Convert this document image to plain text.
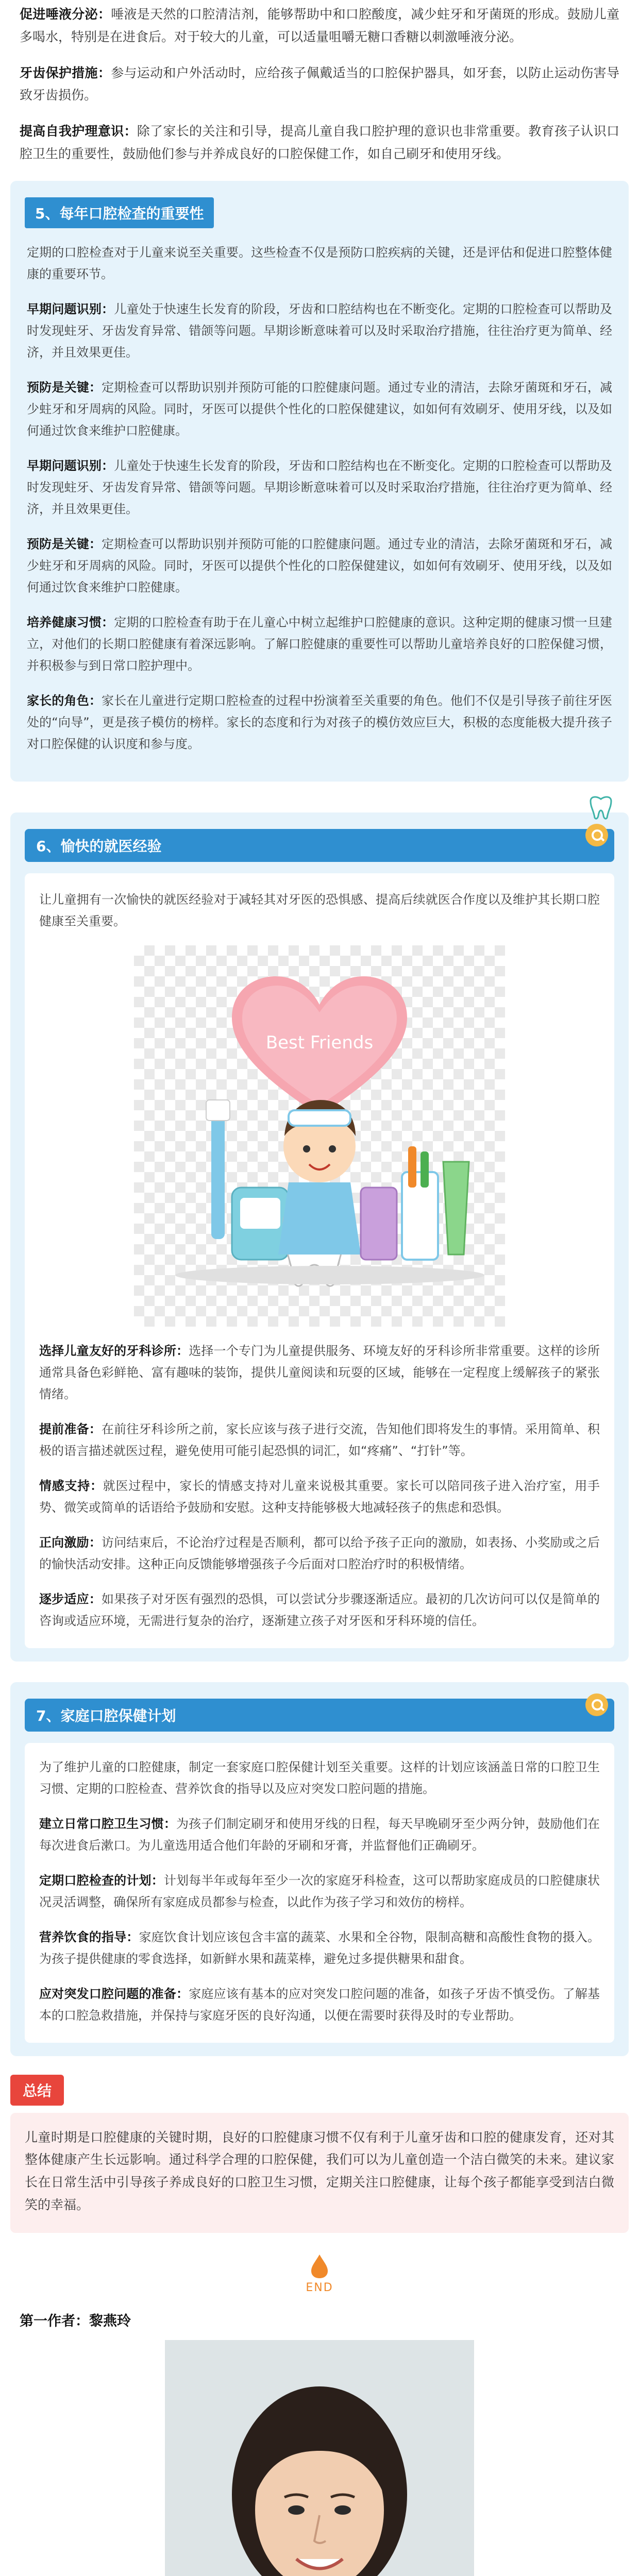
促进唾液分泌：唾液是天然的口腔清洁剂，能够帮助中和口腔酸度，减少蛀牙和牙菌斑的形成。鼓励儿童多喝水，特别是在进食后。对于较大的儿童，可以适量咀嚼无糖口香糖以刺激唾液分泌。

牙齿保护措施：参与运动和户外活动时，应给孩子佩戴适当的口腔保护器具，如牙套，以防止运动伤害导致牙齿损伤。

提高自我护理意识：除了家长的关注和引导，提高儿童自我口腔护理的意识也非常重要。教育孩子认识口腔卫生的重要性，鼓励他们参与并养成良好的口腔保健工作，如自己刷牙和使用牙线。

5、每年口腔检查的重要性

定期的口腔检查对于儿童来说至关重要。这些检查不仅是预防口腔疾病的关键，还是评估和促进口腔整体健康的重要环节。

早期问题识别：儿童处于快速生长发育的阶段，牙齿和口腔结构也在不断变化。定期的口腔检查可以帮助及时发现蛀牙、牙齿发育异常、错颌等问题。早期诊断意味着可以及时采取治疗措施，往往治疗更为简单、经济，并且效果更佳。

预防是关键：定期检查可以帮助识别并预防可能的口腔健康问题。通过专业的清洁，去除牙菌斑和牙石，减少蛀牙和牙周病的风险。同时，牙医可以提供个性化的口腔保健建议，如如何有效刷牙、使用牙线，以及如何通过饮食来维护口腔健康。

早期问题识别：儿童处于快速生长发育的阶段，牙齿和口腔结构也在不断变化。定期的口腔检查可以帮助及时发现蛀牙、牙齿发育异常、错颌等问题。早期诊断意味着可以及时采取治疗措施，往往治疗更为简单、经济，并且效果更佳。

预防是关键：定期检查可以帮助识别并预防可能的口腔健康问题。通过专业的清洁，去除牙菌斑和牙石，减少蛀牙和牙周病的风险。同时，牙医可以提供个性化的口腔保健建议，如如何有效刷牙、使用牙线，以及如何通过饮食来维护口腔健康。

培养健康习惯：定期的口腔检查有助于在儿童心中树立起维护口腔健康的意识。这种定期的健康习惯一旦建立，对他们的长期口腔健康有着深远影响。了解口腔健康的重要性可以帮助儿童培养良好的口腔保健习惯，并积极参与到日常口腔护理中。

家长的角色：家长在儿童进行定期口腔检查的过程中扮演着至关重要的角色。他们不仅是引导孩子前往牙医处的“向导”，更是孩子模仿的榜样。家长的态度和行为对孩子的模仿效应巨大，积极的态度能极大提升孩子对口腔保健的认识度和参与度。

6、愉快的就医经验

让儿童拥有一次愉快的就医经验对于减轻其对牙医的恐惧感、提高后续就医合作度以及维护其长期口腔健康至关重要。

Best Friends

选择儿童友好的牙科诊所：选择一个专门为儿童提供服务、环境友好的牙科诊所非常重要。这样的诊所通常具备色彩鲜艳、富有趣味的装饰，提供儿童阅读和玩耍的区域，能够在一定程度上缓解孩子的紧张情绪。

提前准备：在前往牙科诊所之前，家长应该与孩子进行交流，告知他们即将发生的事情。采用简单、积极的语言描述就医过程，避免使用可能引起恐惧的词汇，如“疼痛”、“打针”等。

情感支持：就医过程中，家长的情感支持对儿童来说极其重要。家长可以陪同孩子进入治疗室，用手势、微笑或简单的话语给予鼓励和安慰。这种支持能够极大地减轻孩子的焦虑和恐惧。

正向激励：访问结束后，不论治疗过程是否顺利，都可以给予孩子正向的激励，如表扬、小奖励或之后的愉快活动安排。这种正向反馈能够增强孩子今后面对口腔治疗时的积极情绪。

逐步适应：如果孩子对牙医有强烈的恐惧，可以尝试分步骤逐渐适应。最初的几次访问可以仅是简单的咨询或适应环境，无需进行复杂的治疗，逐渐建立孩子对牙医和牙科环境的信任。

7、家庭口腔保健计划

为了维护儿童的口腔健康，制定一套家庭口腔保健计划至关重要。这样的计划应该涵盖日常的口腔卫生习惯、定期的口腔检查、营养饮食的指导以及应对突发口腔问题的措施。

建立日常口腔卫生习惯：为孩子们制定刷牙和使用牙线的日程，每天早晚刷牙至少两分钟，鼓励他们在每次进食后漱口。为儿童选用适合他们年龄的牙刷和牙膏，并监督他们正确刷牙。

定期口腔检查的计划：计划每半年或每年至少一次的家庭牙科检查，这可以帮助家庭成员的口腔健康状况灵活调整，确保所有家庭成员都参与检查，以此作为孩子学习和效仿的榜样。

营养饮食的指导：家庭饮食计划应该包含丰富的蔬菜、水果和全谷物，限制高糖和高酸性食物的摄入。为孩子提供健康的零食选择，如新鲜水果和蔬菜棒，避免过多提供糖果和甜食。

应对突发口腔问题的准备：家庭应该有基本的应对突发口腔问题的准备，如孩子牙齿不慎受伤。了解基本的口腔急救措施，并保持与家庭牙医的良好沟通，以便在需要时获得及时的专业帮助。

总结

儿童时期是口腔健康的关键时期，良好的口腔健康习惯不仅有利于儿童牙齿和口腔的健康发育，还对其整体健康产生长远影响。通过科学合理的口腔保健，我们可以为儿童创造一个洁白微笑的未来。建议家长在日常生活中引导孩子养成良好的口腔卫生习惯，定期关注口腔健康，让每个孩子都能享受到洁白微笑的幸福。

END
第一作者：黎燕玲
